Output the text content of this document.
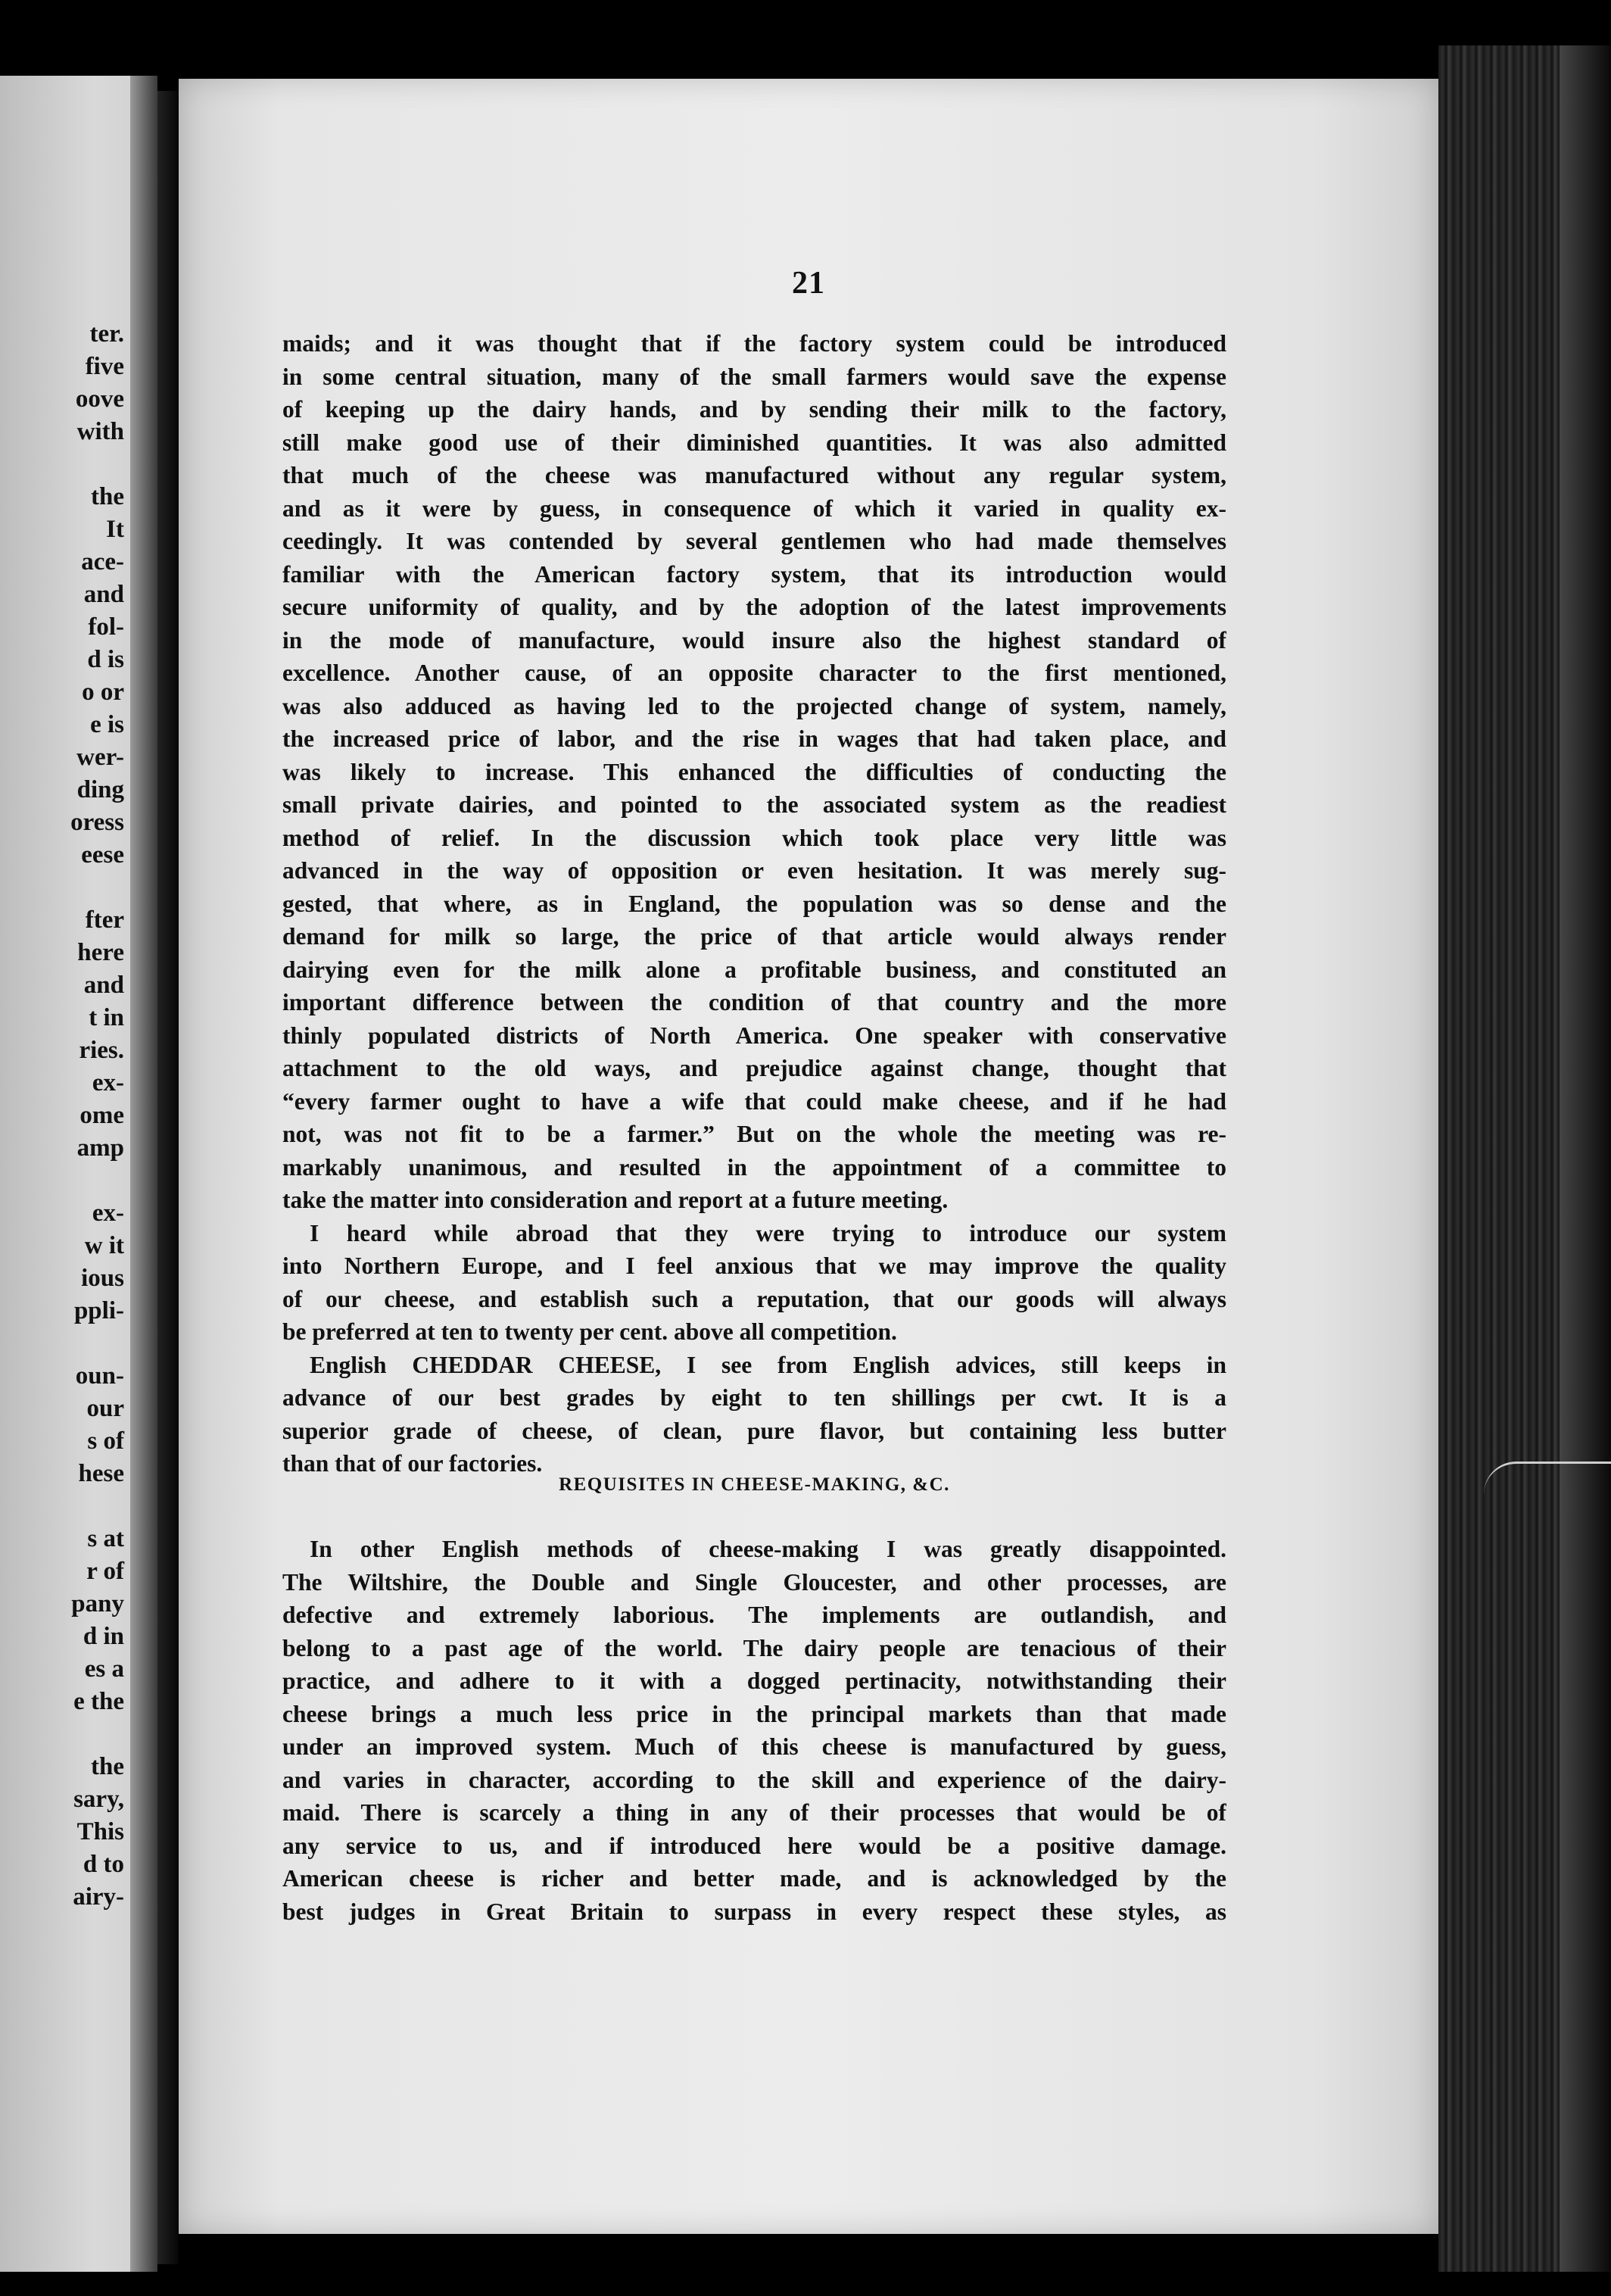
ter.
five
oove
with
the
It
ace-
and
fol-
d is
o or
e is
wer-
ding
oress
eese
fter
here
and
t in
ries.
ex-
ome
amp
ex-
w it
ious
ppli-
oun-
our
s of
hese
s at
r of
pany
d in
es a
e the
the
sary,
This
d to
airy-
21
maids; and it was thought that if the factory system could be introduced
in some central situation, many of the small farmers would save the expense
of keeping up the dairy hands, and by sending their milk to the factory,
still make good use of their diminished quantities. It was also admitted
that much of the cheese was manufactured without any regular system,
and as it were by guess, in consequence of which it varied in quality ex-
ceedingly. It was contended by several gentlemen who had made themselves
familiar with the American factory system, that its introduction would
secure uniformity of quality, and by the adoption of the latest improvements
in the mode of manufacture, would insure also the highest standard of
excellence. Another cause, of an opposite character to the first mentioned,
was also adduced as having led to the projected change of system, namely,
the increased price of labor, and the rise in wages that had taken place, and
was likely to increase. This enhanced the difficulties of conducting the
small private dairies, and pointed to the associated system as the readiest
method of relief. In the discussion which took place very little was
advanced in the way of opposition or even hesitation. It was merely sug-
gested, that where, as in England, the population was so dense and the
demand for milk so large, the price of that article would always render
dairying even for the milk alone a profitable business, and constituted an
important difference between the condition of that country and the more
thinly populated districts of North America. One speaker with conservative
attachment to the old ways, and prejudice against change, thought that
“every farmer ought to have a wife that could make cheese, and if he had
not, was not fit to be a farmer.” But on the whole the meeting was re-
markably unanimous, and resulted in the appointment of a committee to
take the matter into consideration and report at a future meeting.
I heard while abroad that they were trying to introduce our system
into Northern Europe, and I feel anxious that we may improve the quality
of our cheese, and establish such a reputation, that our goods will always
be preferred at ten to twenty per cent. above all competition.
English CHEDDAR CHEESE, I see from English advices, still keeps in
advance of our best grades by eight to ten shillings per cwt. It is a
superior grade of cheese, of clean, pure flavor, but containing less butter
than that of our factories.
REQUISITES IN CHEESE-MAKING, &C.
In other English methods of cheese-making I was greatly disappointed.
The Wiltshire, the Double and Single Gloucester, and other processes, are
defective and extremely laborious. The implements are outlandish, and
belong to a past age of the world. The dairy people are tenacious of their
practice, and adhere to it with a dogged pertinacity, notwithstanding their
cheese brings a much less price in the principal markets than that made
under an improved system. Much of this cheese is manufactured by guess,
and varies in character, according to the skill and experience of the dairy-
maid. There is scarcely a thing in any of their processes that would be of
any service to us, and if introduced here would be a positive damage.
American cheese is richer and better made, and is acknowledged by the
best judges in Great Britain to surpass in every respect these styles, as
